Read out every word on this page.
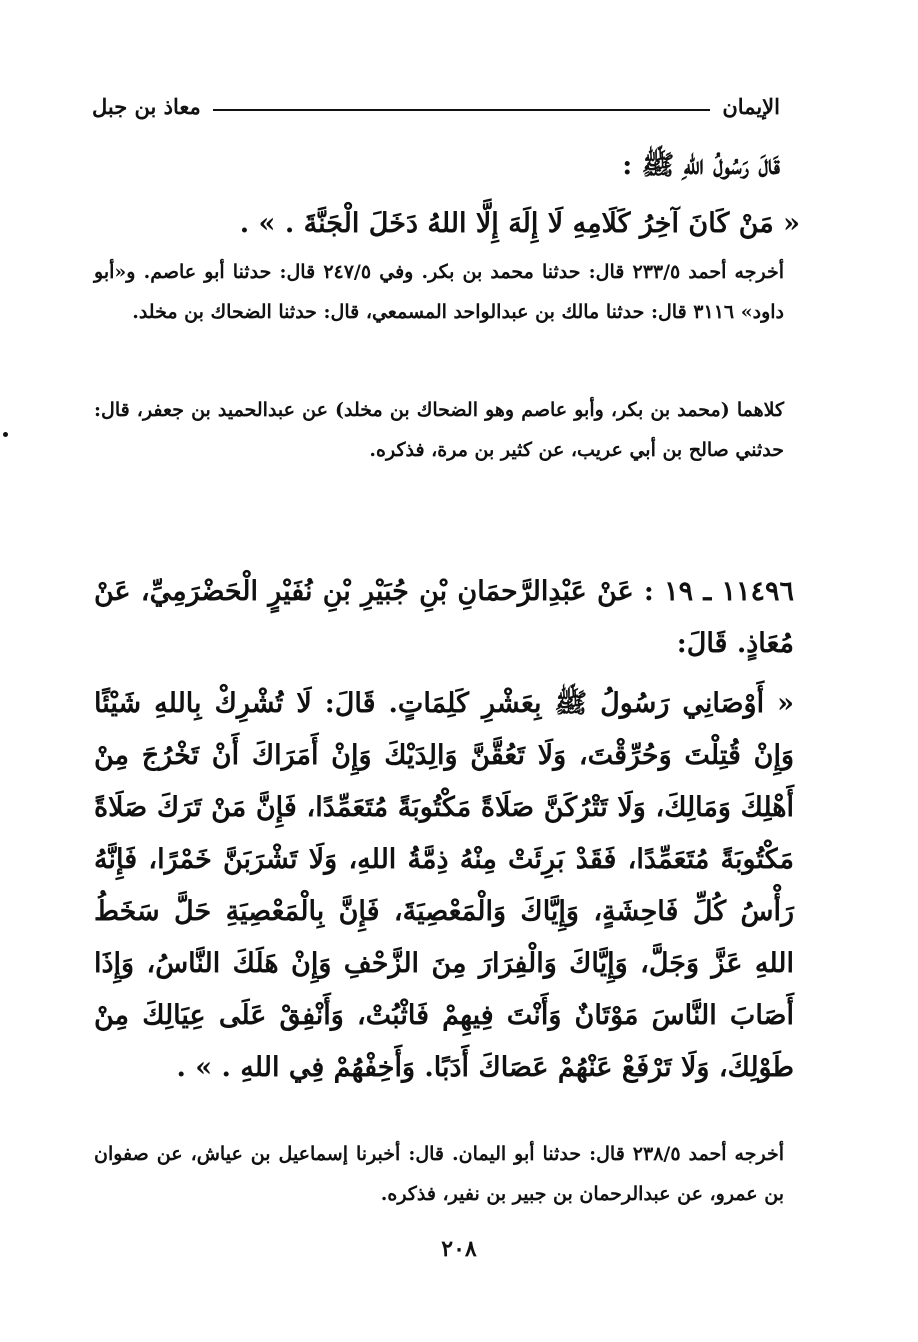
الإيمان
معاذ بن جبل
قَالَ رَسُولُ اللهِ ﷺ :
« مَنْ كَانَ آخِرُ كَلَامِهِ لَا إِلَهَ إِلَّا اللهُ دَخَلَ الْجَنَّةَ . » .
أخرجه أحمد ٢٣٣/٥ قال: حدثنا محمد بن بكر. وفي ٢٤٧/٥ قال: حدثنا أبو عاصم. و«أبو داود» ٣١١٦ قال: حدثنا مالك بن عبدالواحد المسمعي، قال: حدثنا الضحاك بن مخلد.
كلاهما (محمد بن بكر، وأبو عاصم وهو الضحاك بن مخلد) عن عبدالحميد بن جعفر، قال: حدثني صالح بن أبي عريب، عن كثير بن مرة، فذكره.
١١٤٩٦ ـ ١٩ : عَنْ عَبْدِالرَّحمَانِ بْنِ جُبَيْرِ بْنِ نُفَيْرٍ الْحَضْرَمِيِّ، عَنْ مُعَاذٍ. قَالَ:
« أَوْصَانِي رَسُولُ ﷺ بِعَشْرِ كَلِمَاتٍ. قَالَ: لَا تُشْرِكْ بِاللهِ شَيْئًا وَإِنْ قُتِلْتَ وَحُرِّقْتَ، وَلَا تَعُقَّنَّ وَالِدَيْكَ وَإِنْ أَمَرَاكَ أَنْ تَخْرُجَ مِنْ أَهْلِكَ وَمَالِكَ، وَلَا تَتْرُكَنَّ صَلَاةً مَكْتُوبَةً مُتَعَمِّدًا، فَإِنَّ مَنْ تَرَكَ صَلَاةً مَكْتُوبَةً مُتَعَمِّدًا، فَقَدْ بَرِئَتْ مِنْهُ ذِمَّةُ اللهِ، وَلَا تَشْرَبَنَّ خَمْرًا، فَإِنَّهُ رَأْسُ كُلِّ فَاحِشَةٍ، وَإِيَّاكَ وَالْمَعْصِيَةَ، فَإِنَّ بِالْمَعْصِيَةِ حَلَّ سَخَطُ اللهِ عَزَّ وَجَلَّ، وَإِيَّاكَ وَالْفِرَارَ مِنَ الزَّحْفِ وَإِنْ هَلَكَ النَّاسُ، وَإِذَا أَصَابَ النَّاسَ مَوْتَانٌ وَأَنْتَ فِيهِمْ فَاثْبُتْ، وَأَنْفِقْ عَلَى عِيَالِكَ مِنْ طَوْلِكَ، وَلَا تَرْفَعْ عَنْهُمْ عَصَاكَ أَدَبًا. وَأَخِفْهُمْ فِي اللهِ . » .
أخرجه أحمد ٢٣٨/٥ قال: حدثنا أبو اليمان. قال: أخبرنا إسماعيل بن عياش، عن صفوان بن عمرو، عن عبدالرحمان بن جبير بن نفير، فذكره.
٢٠٨
